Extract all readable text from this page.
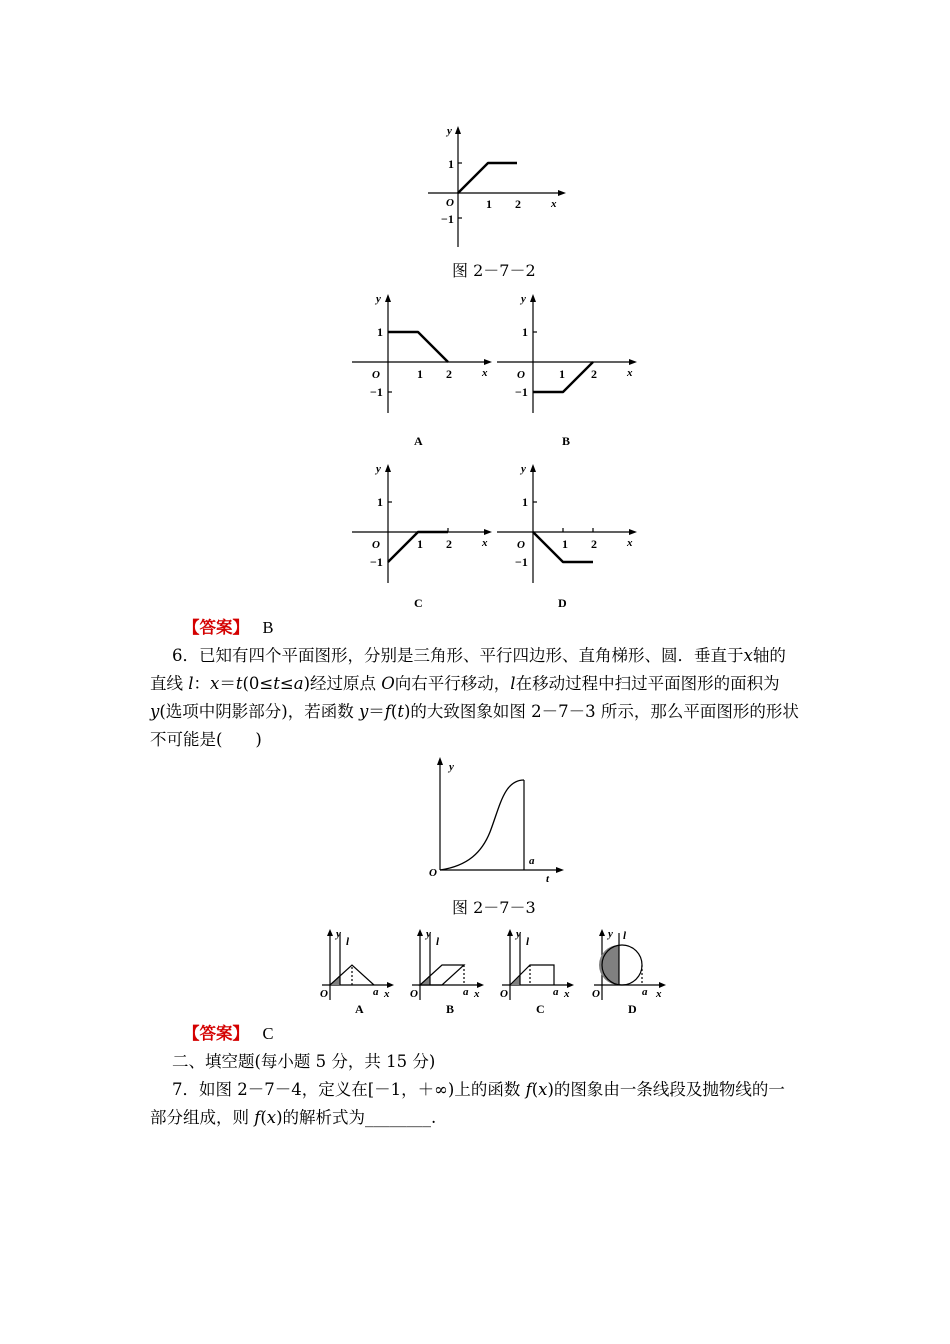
y
x
O	1 2
1
−1
图 2－7－2
y
x
O	1 2
1
−1
y
x
O	1 2
1
−1
A	B
y
x
O	1 2
1
−1
y
x
O	1 2
1
−1
C	D
【答案】　 B
6．已知有四个平面图形，分别是三角形、平行四边形、直角梯形、圆．垂直于x轴的
直线 l：x＝t(0≤t≤a)经过原点 O向右平行移动，l在移动过程中扫过平面图形的面积为
y(选项中阴影部分)，若函数 y＝f(t)的大致图象如图 2－7－3 所示，那么平面图形的形状
不可能是(　　)
y
t
O
a
图 2－7－3
y
l
x
O	a
y
l
x
O	a
y
l
x
O	a
y l
x
O	a
A	B	C	D
【答案】　 C
二、填空题(每小题 5 分，共 15 分)
7．如图 2－7－4，定义在[－1，＋∞)上的函数 f(x)的图象由一条线段及抛物线的一
部分组成，则 f(x)的解析式为________.
